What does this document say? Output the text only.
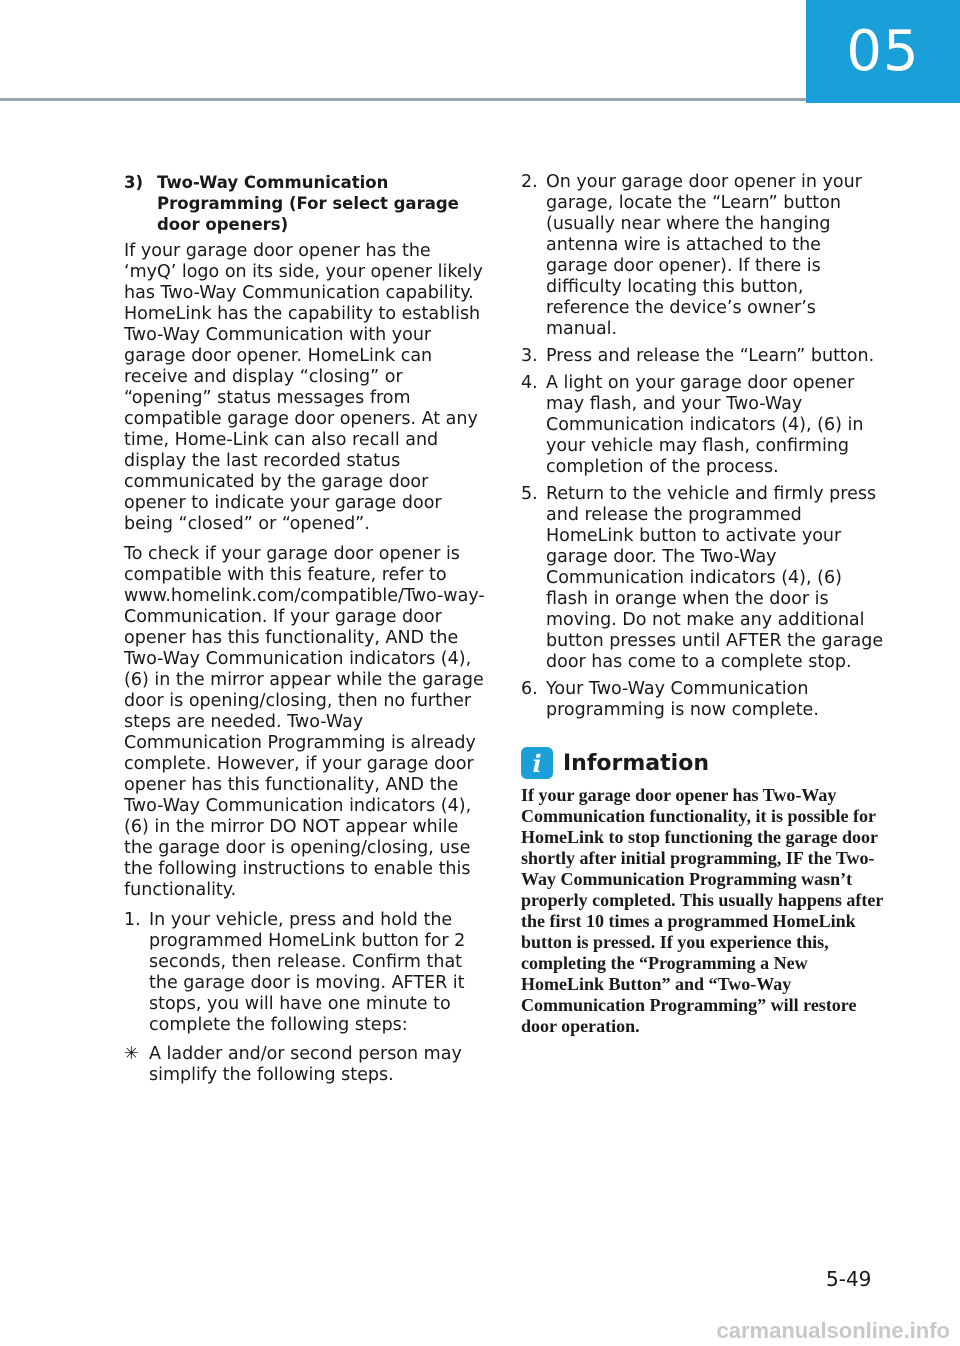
05
3) Two-Way Communication Programming (For select garage door openers)

If your garage door opener has the ‘myQ’ logo on its side, your opener likely has Two-Way Communication capability. HomeLink has the capability to establish Two-Way Communication with your garage door opener. HomeLink can receive and display “closing” or “opening” status messages from compatible garage door openers. At any time, Home-Link can also recall and display the last recorded status communicated by the garage door opener to indicate your garage door being “closed” or “opened”.

To check if your garage door opener is compatible with this feature, refer to www.homelink.com/compatible/Two-way-Communication. If your garage door opener has this functionality, AND the Two-Way Communication indicators (4), (6) in the mirror appear while the garage door is opening/closing, then no further steps are needed. Two-Way Communication Programming is already complete. However, if your garage door opener has this functionality, AND the Two-Way Communication indicators (4), (6) in the mirror DO NOT appear while the garage door is opening/closing, use the following instructions to enable this functionality.

1. In your vehicle, press and hold the programmed HomeLink button for 2 seconds, then release. Confirm that the garage door is moving. AFTER it stops, you will have one minute to complete the following steps:
✳ A ladder and/or second person may simplify the following steps.
2. On your garage door opener in your garage, locate the “Learn” button (usually near where the hanging antenna wire is attached to the garage door opener). If there is difficulty locating this button, reference the device’s owner’s manual.
3. Press and release the “Learn” button.
4. A light on your garage door opener may flash, and your Two-Way Communication indicators (4), (6) in your vehicle may flash, confirming completion of the process.
5. Return to the vehicle and firmly press and release the programmed HomeLink button to activate your garage door. The Two-Way Communication indicators (4), (6) flash in orange when the door is moving. Do not make any additional button presses until AFTER the garage door has come to a complete stop.
6. Your Two-Way Communication programming is now complete.
i Information

If your garage door opener has Two-Way Communication functionality, it is possible for HomeLink to stop functioning the garage door shortly after initial programming, IF the Two-Way Communication Programming wasn’t properly completed. This usually happens after the first 10 times a programmed HomeLink button is pressed. If you experience this, completing the “Programming a New HomeLink Button” and “Two-Way Communication Programming” will restore door operation.

5-49
carmanualsonline.info
